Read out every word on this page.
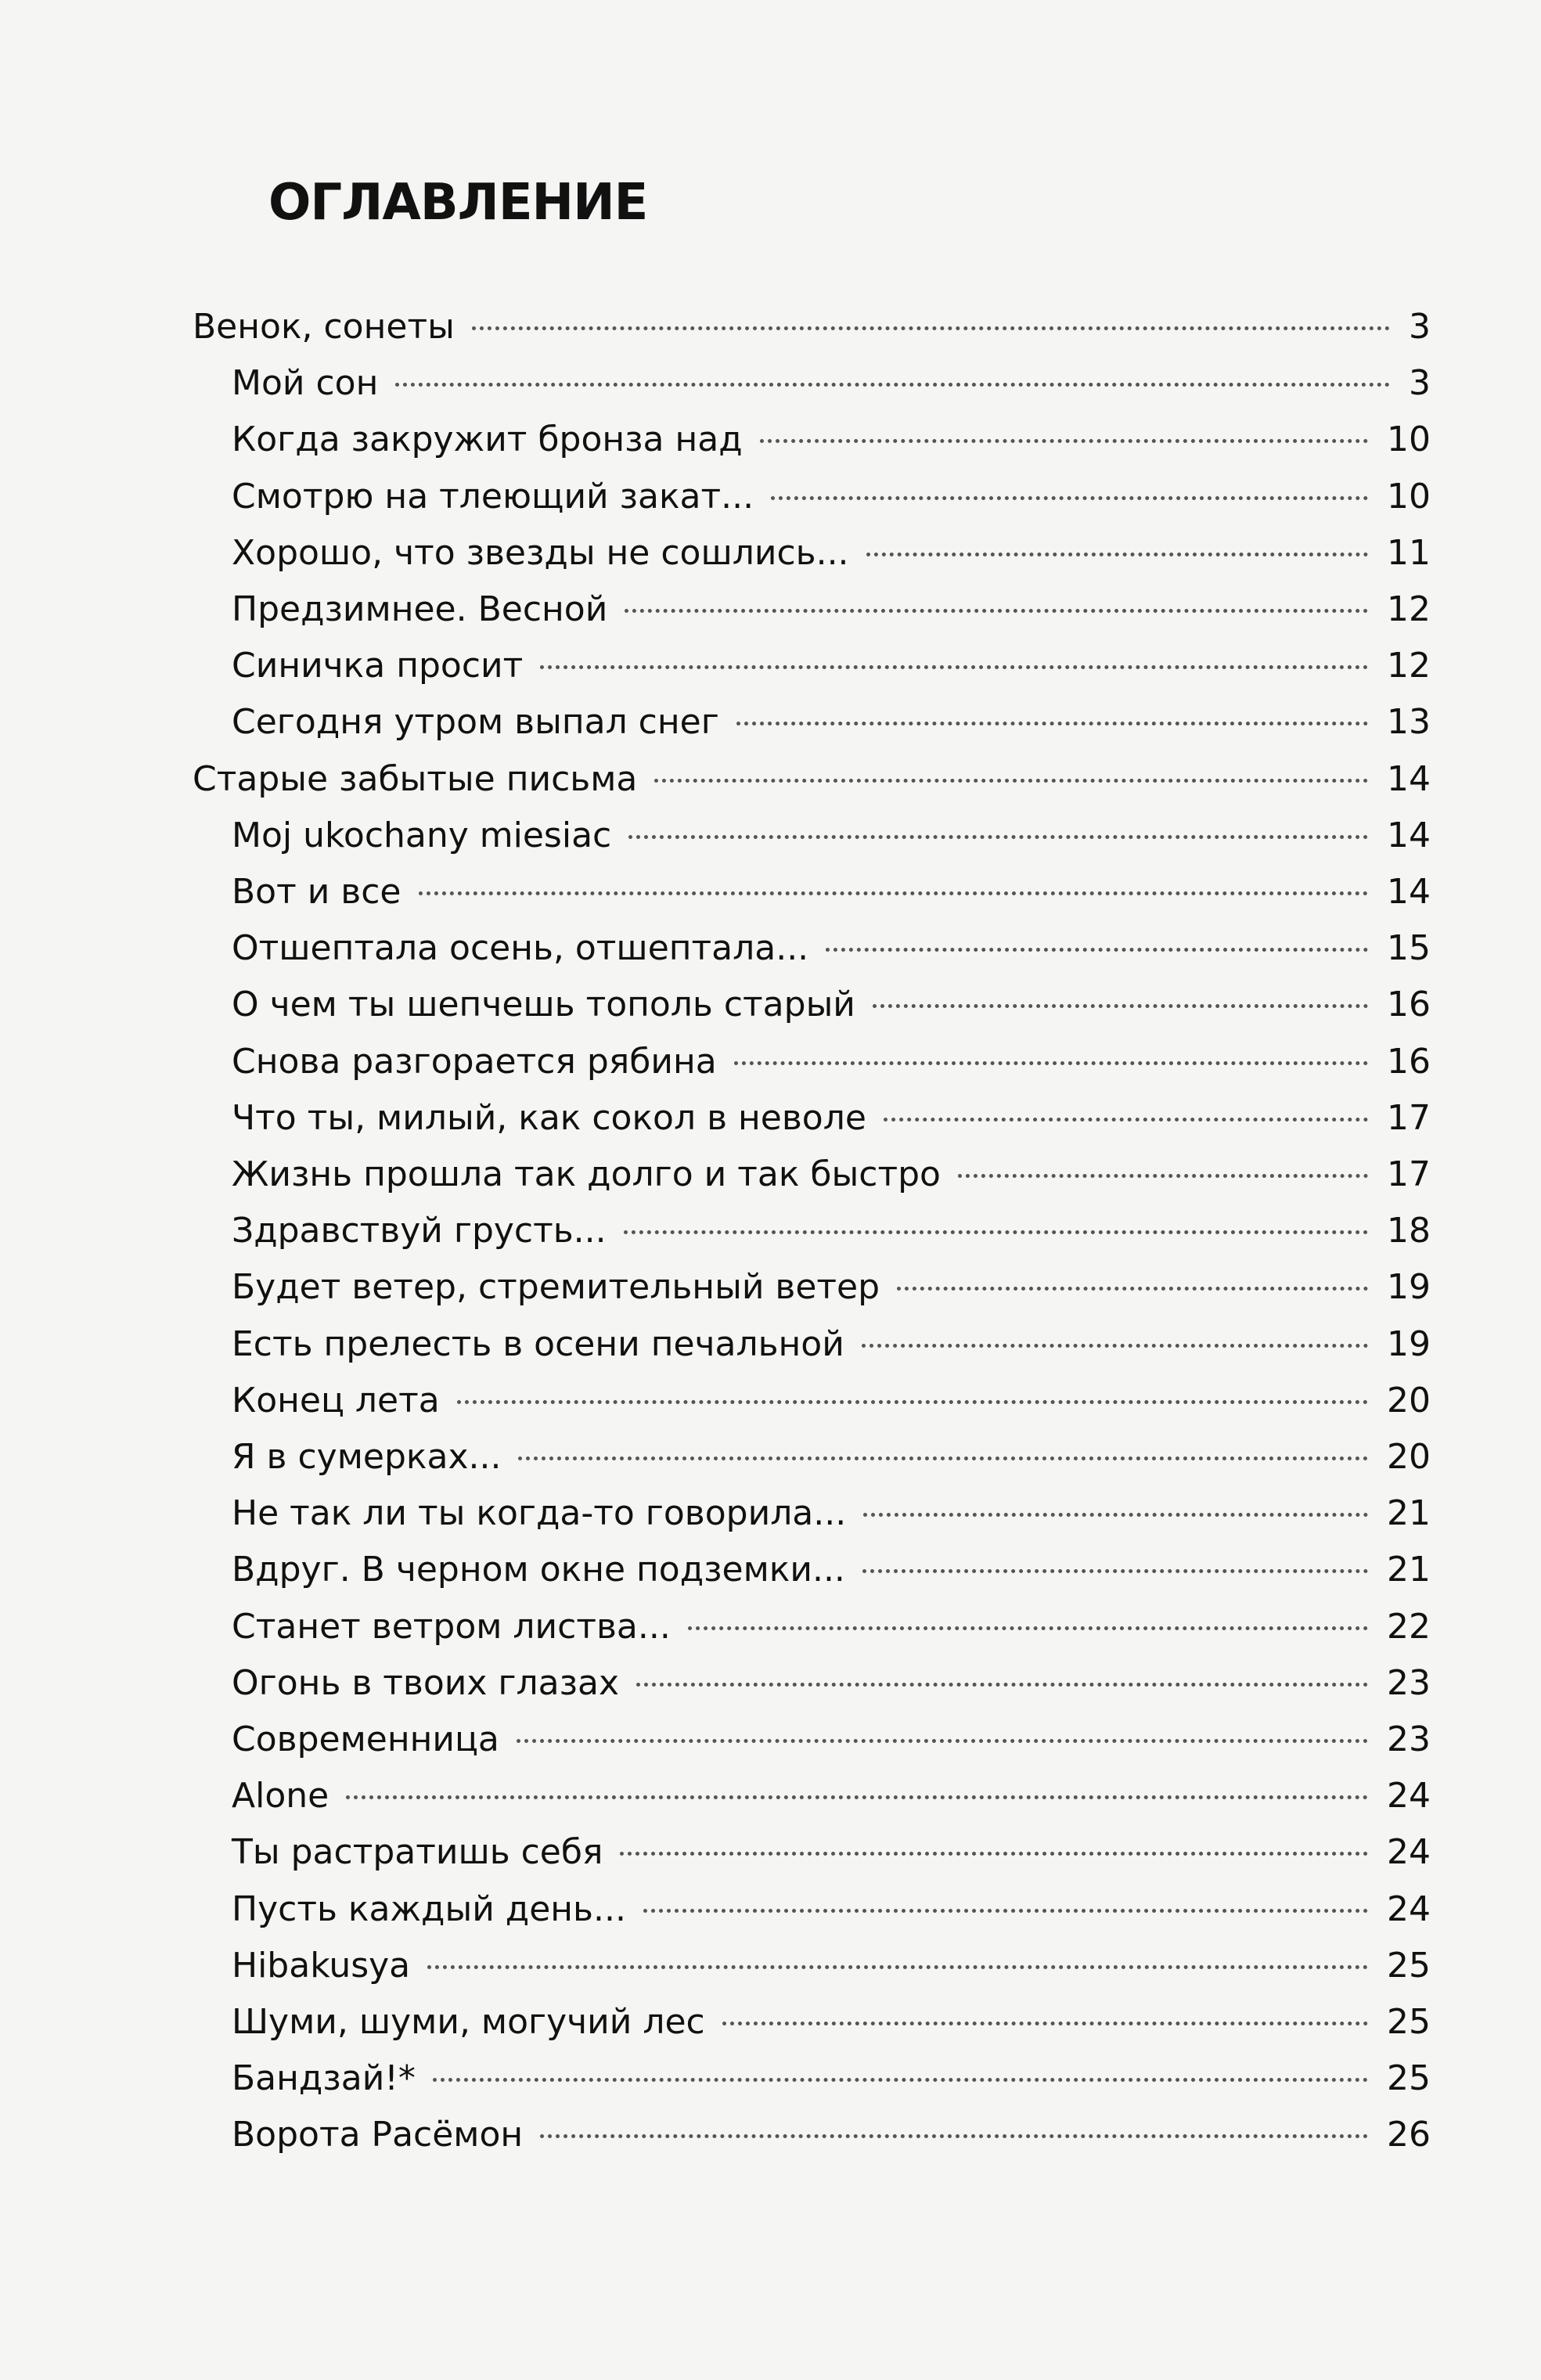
ОГЛАВЛЕНИЕ
Венок, сонеты	3
Мой сон	3
Когда закружит бронза над	10
Смотрю на тлеющий закат...	10
Хорошо, что звезды не сошлись...	11
Предзимнее. Весной	12
Синичка просит	12
Сегодня утром выпал снег	13
Старые забытые письма	14
Moj ukochany miesiac	14
Вот и все	14
Отшептала осень, отшептала...	15
О чем ты шепчешь тополь старый	16
Снова разгорается рябина	16
Что ты, милый, как сокол в неволе	17
Жизнь прошла так долго и так быстро	17
Здравствуй грусть...	18
Будет ветер, стремительный ветер	19
Есть прелесть в осени печальной	19
Конец лета	20
Я в сумерках...	20
Не так ли ты когда-то говорила...	21
Вдруг. В черном окне подземки...	21
Станет ветром листва...	22
Огонь в твоих глазах	23
Современница	23
Alone	24
Ты растратишь себя	24
Пусть каждый день...	24
Hibakusya	25
Шуми, шуми, могучий лес	25
Бандзай!*	25
Ворота Расёмон	26
